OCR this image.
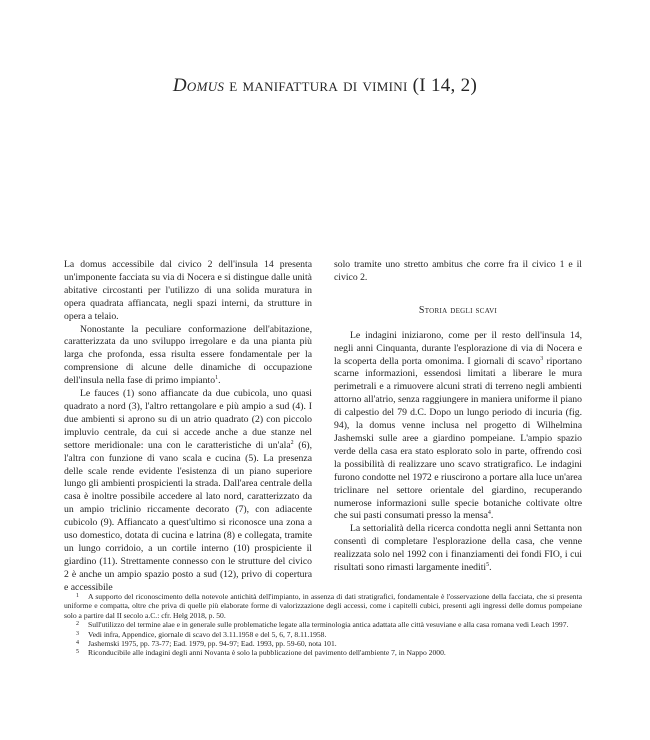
Domus e manifattura di vimini (I 14, 2)

La domus accessibile dal civico 2 dell'insula 14 presenta un'imponente facciata su via di Nocera e si distingue dalle unità abitative circostanti per l'utilizzo di una solida muratura in opera quadrata affiancata, negli spazi interni, da strutture in opera a telaio.

Nonostante la peculiare conformazione dell'abitazione, caratterizzata da uno sviluppo irregolare e da una pianta più larga che profonda, essa risulta essere fondamentale per la comprensione di alcune delle dinamiche di occupazione dell'insula nella fase di primo impianto$^1$.

Le fauces (1) sono affiancate da due cubicola, uno quasi quadrato a nord (3), l'altro rettangolare e più ampio a sud (4). I due ambienti si aprono su di un atrio quadrato (2) con piccolo impluvio centrale, da cui si accede anche a due stanze nel settore meridionale: una con le caratteristiche di un'ala$^2$ (6), l'altra con funzione di vano scala e cucina (5). La presenza delle scale rende evidente l'esistenza di un piano superiore lungo gli ambienti prospicienti la strada. Dall'area centrale della casa è inoltre possibile accedere al lato nord, caratterizzato da un ampio triclinio riccamente decorato (7), con adiacente cubicolo (9). Affiancato a quest'ultimo si riconosce una zona a uso domestico, dotata di cucina e latrina (8) e collegata, tramite un lungo corridoio, a un cortile interno (10) prospiciente il giardino (11). Strettamente connesso con le strutture del civico 2 è anche un ampio spazio posto a sud (12), privo di copertura e accessibile

solo tramite uno stretto ambitus che corre fra il civico 1 e il civico 2.

Storia degli scavi

Le indagini iniziarono, come per il resto dell'insula 14, negli anni Cinquanta, durante l'esplorazione di via di Nocera e la scoperta della porta omonima. I giornali di scavo$^3$ riportano scarne informazioni, essendosi limitati a liberare le mura perimetrali e a rimuovere alcuni strati di terreno negli ambienti attorno all'atrio, senza raggiungere in maniera uniforme il piano di calpestio del 79 d.C. Dopo un lungo periodo di incuria (fig. 94), la domus venne inclusa nel progetto di Wilhelmina Jashemski sulle aree a giardino pompeiane. L'ampio spazio verde della casa era stato esplorato solo in parte, offrendo così la possibilità di realizzare uno scavo stratigrafico. Le indagini furono condotte nel 1972 e riuscirono a portare alla luce un'area triclinare nel settore orientale del giardino, recuperando numerose informazioni sulle specie botaniche coltivate oltre che sui pasti consumati presso la mensa$^4$.

La settorialità della ricerca condotta negli anni Settanta non consentì di completare l'esplorazione della casa, che venne realizzata solo nel 1992 con i finanziamenti dei fondi FIO, i cui risultati sono rimasti largamente inediti$^5$.

1 A supporto del riconoscimento della notevole antichità dell'impianto, in assenza di dati stratigrafici, fondamentale è l'osservazione della facciata, che si presenta uniforme e compatta, oltre che priva di quelle più elaborate forme di valorizzazione degli accessi, come i capitelli cubici, presenti agli ingressi delle domus pompeiane solo a partire dal II secolo a.C.: cfr. Helg 2018, p. 50.
2 Sull'utilizzo del termine alae e in generale sulle problematiche legate alla terminologia antica adattata alle città vesuviane e alla casa romana vedi Leach 1997.
3 Vedi infra, Appendice, giornale di scavo del 3.11.1958 e del 5, 6, 7, 8.11.1958.
4 Jashemski 1975, pp. 73-77; Ead. 1979, pp. 94-97; Ead. 1993, pp. 59-60, nota 101.
5 Riconducibile alle indagini degli anni Novanta è solo la pubblicazione del pavimento dell'ambiente 7, in Nappo 2000.
